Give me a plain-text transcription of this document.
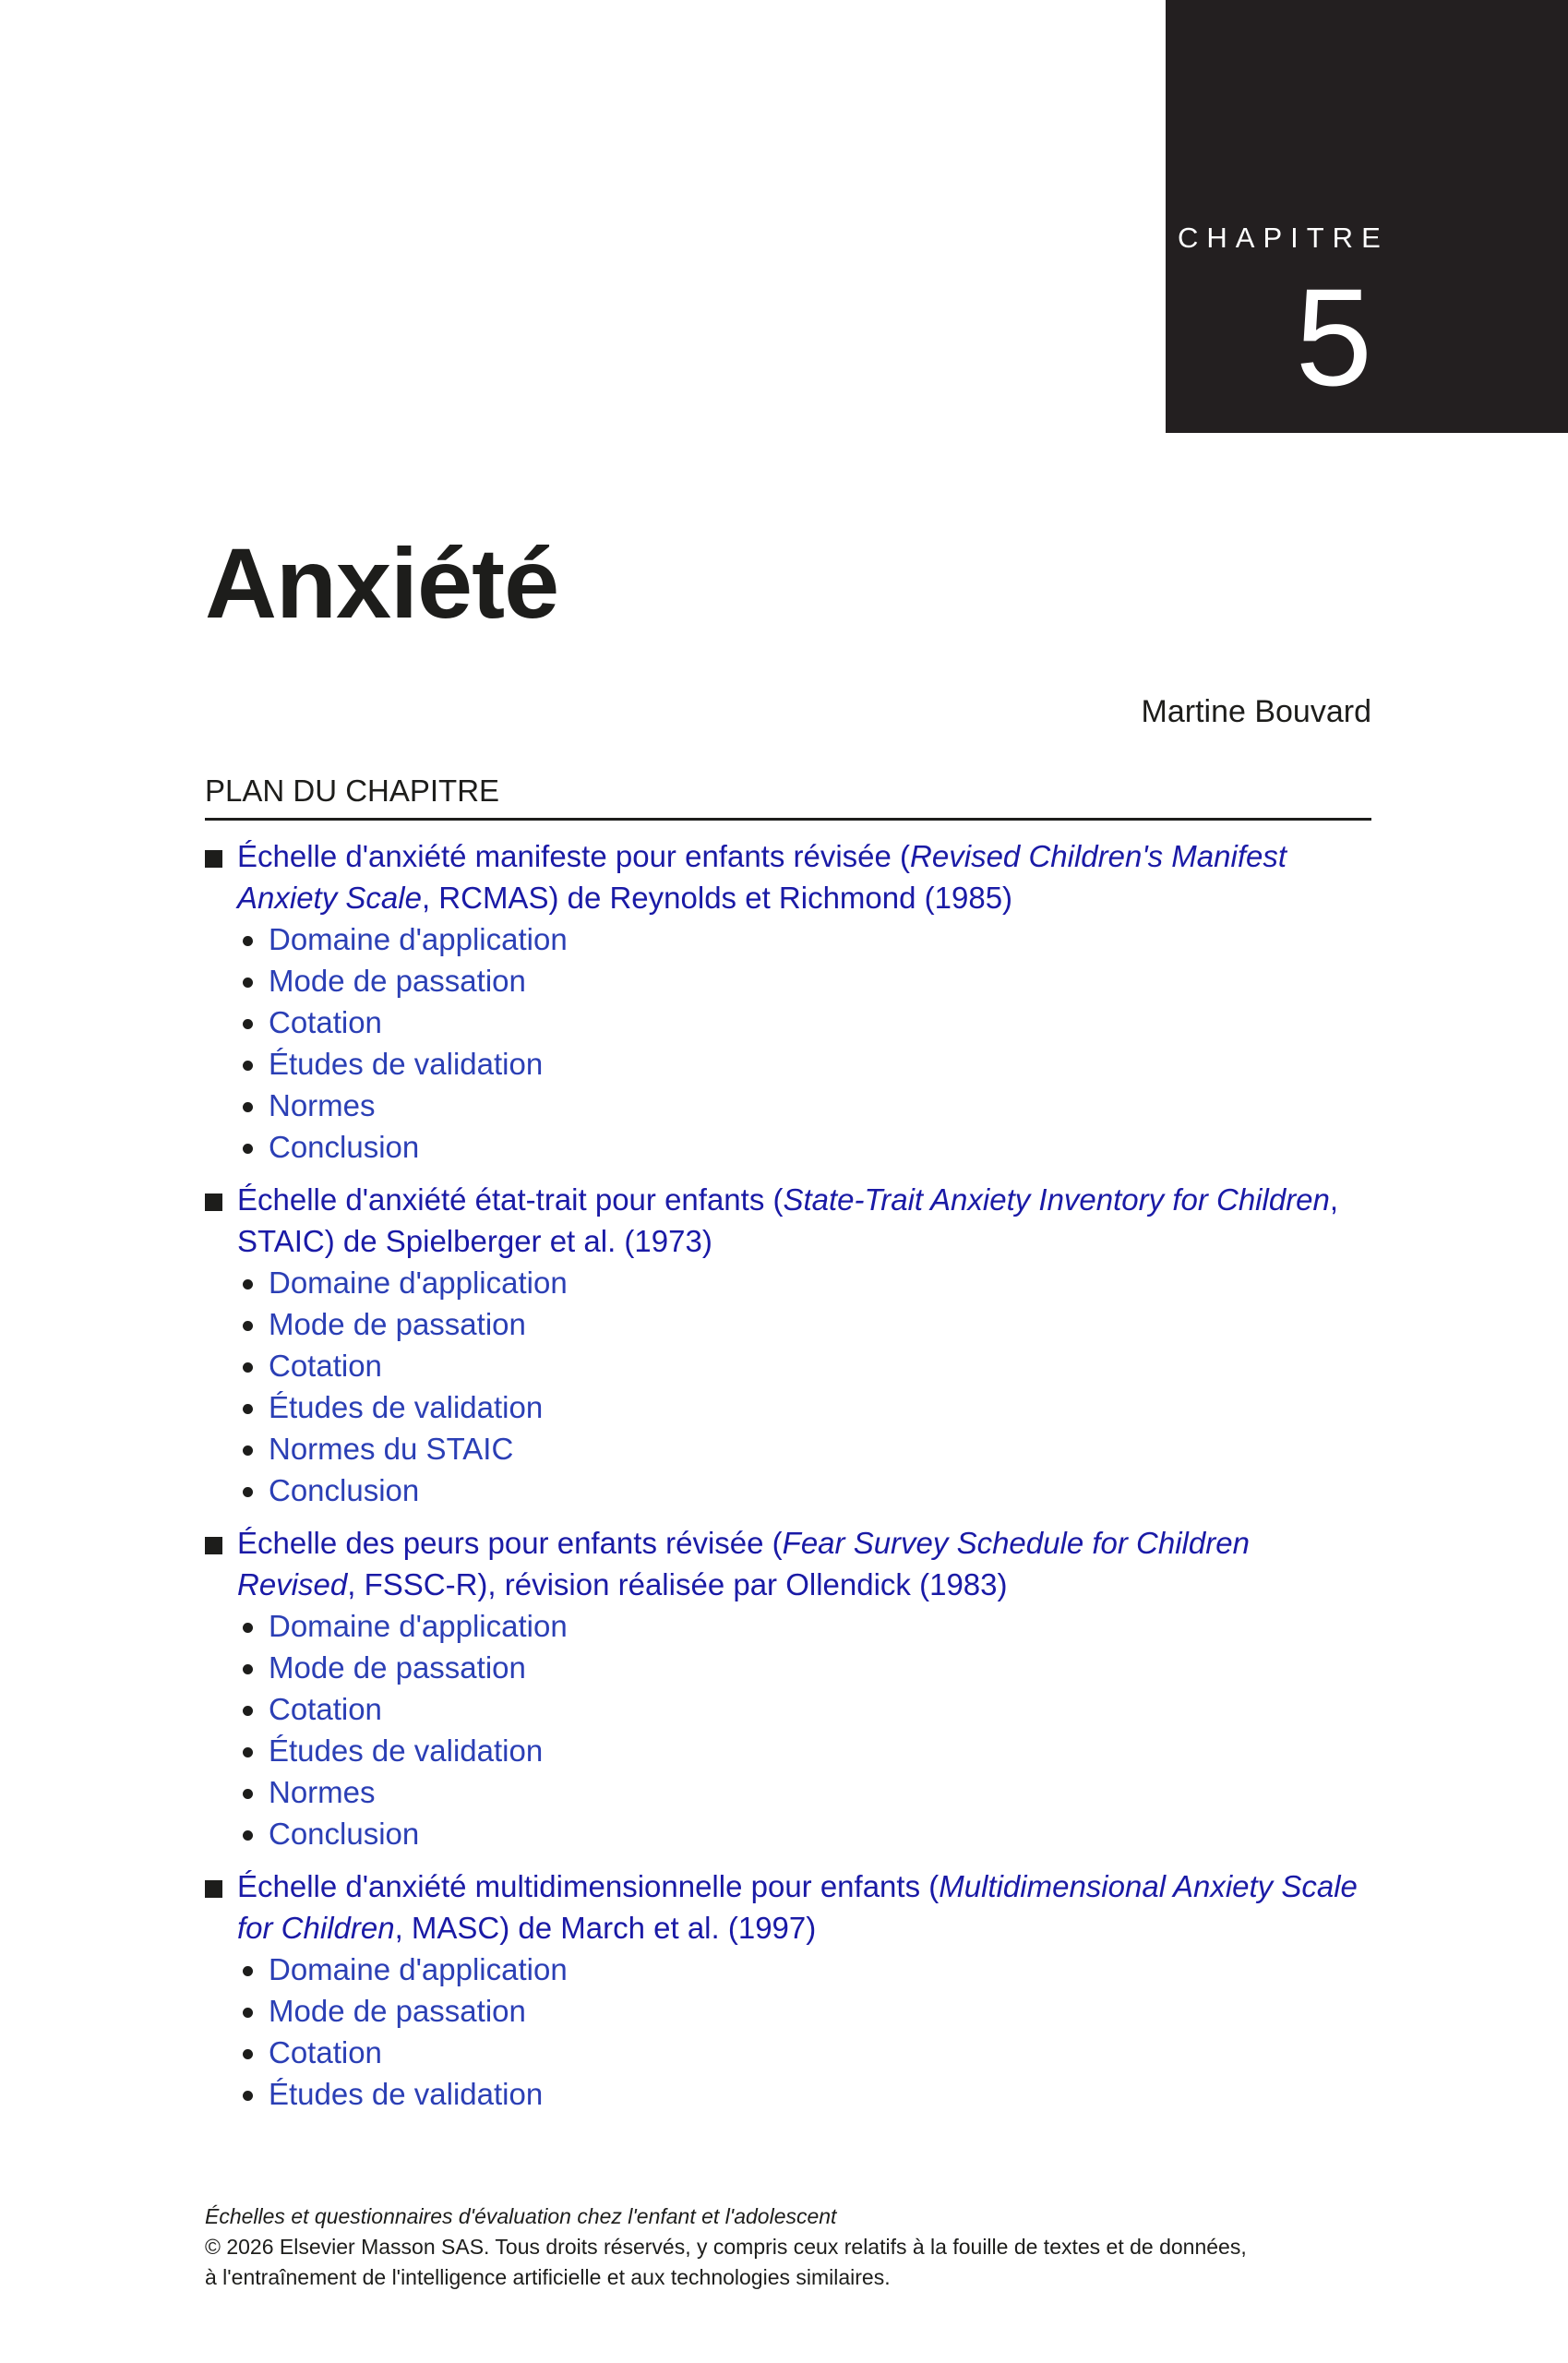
CHAPITRE
5
Anxiété
Martine Bouvard
PLAN DU CHAPITRE
Échelle d'anxiété manifeste pour enfants révisée (Revised Children's Manifest Anxiety Scale, RCMAS) de Reynolds et Richmond (1985)
Domaine d'application
Mode de passation
Cotation
Études de validation
Normes
Conclusion
Échelle d'anxiété état-trait pour enfants (State-Trait Anxiety Inventory for Children, STAIC) de Spielberger et al. (1973)
Domaine d'application
Mode de passation
Cotation
Études de validation
Normes du STAIC
Conclusion
Échelle des peurs pour enfants révisée (Fear Survey Schedule for Children Revised, FSSC-R), révision réalisée par Ollendick (1983)
Domaine d'application
Mode de passation
Cotation
Études de validation
Normes
Conclusion
Échelle d'anxiété multidimensionnelle pour enfants (Multidimensional Anxiety Scale for Children, MASC) de March et al. (1997)
Domaine d'application
Mode de passation
Cotation
Études de validation
Échelles et questionnaires d'évaluation chez l'enfant et l'adolescent
© 2026 Elsevier Masson SAS. Tous droits réservés, y compris ceux relatifs à la fouille de textes et de données,
à l'entraînement de l'intelligence artificielle et aux technologies similaires.
